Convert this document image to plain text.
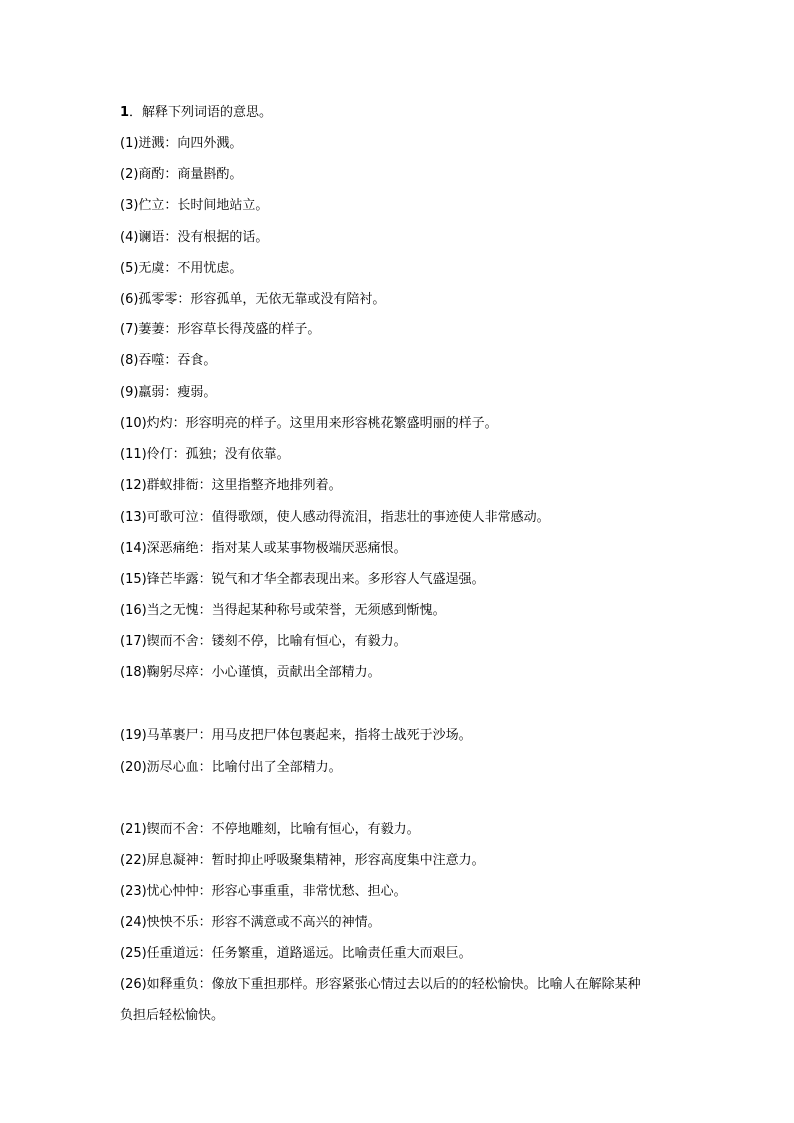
1．解释下列词语的意思。
(1)迸溅：向四外溅。
(2)商酌：商量斟酌。
(3)伫立：长时间地站立。
(4)谰语：没有根据的话。
(5)无虞：不用忧虑。
(6)孤零零：形容孤单，无依无靠或没有陪衬。
(7)萋萋：形容草长得茂盛的样子。
(8)吞噬：吞食。
(9)羸弱：瘦弱。
(10)灼灼：形容明亮的样子。这里用来形容桃花繁盛明丽的样子。
(11)伶仃：孤独；没有依靠。
(12)群蚁排衙：这里指整齐地排列着。
(13)可歌可泣：值得歌颂，使人感动得流泪，指悲壮的事迹使人非常感动。
(14)深恶痛绝：指对某人或某事物极端厌恶痛恨。
(15)锋芒毕露：锐气和才华全都表现出来。多形容人气盛逞强。
(16)当之无愧：当得起某种称号或荣誉，无须感到惭愧。
(17)锲而不舍：镂刻不停，比喻有恒心，有毅力。
(18)鞠躬尽瘁：小心谨慎，贡献出全部精力。
(19)马革裹尸：用马皮把尸体包裹起来，指将士战死于沙场。
(20)沥尽心血：比喻付出了全部精力。
(21)锲而不舍：不停地雕刻，比喻有恒心，有毅力。
(22)屏息凝神：暂时抑止呼吸聚集精神，形容高度集中注意力。
(23)忧心忡忡：形容心事重重，非常忧愁、担心。
(24)怏怏不乐：形容不满意或不高兴的神情。
(25)任重道远：任务繁重，道路遥远。比喻责任重大而艰巨。
(26)如释重负：像放下重担那样。形容紧张心情过去以后的的轻松愉快。比喻人在解除某种
负担后轻松愉快。
